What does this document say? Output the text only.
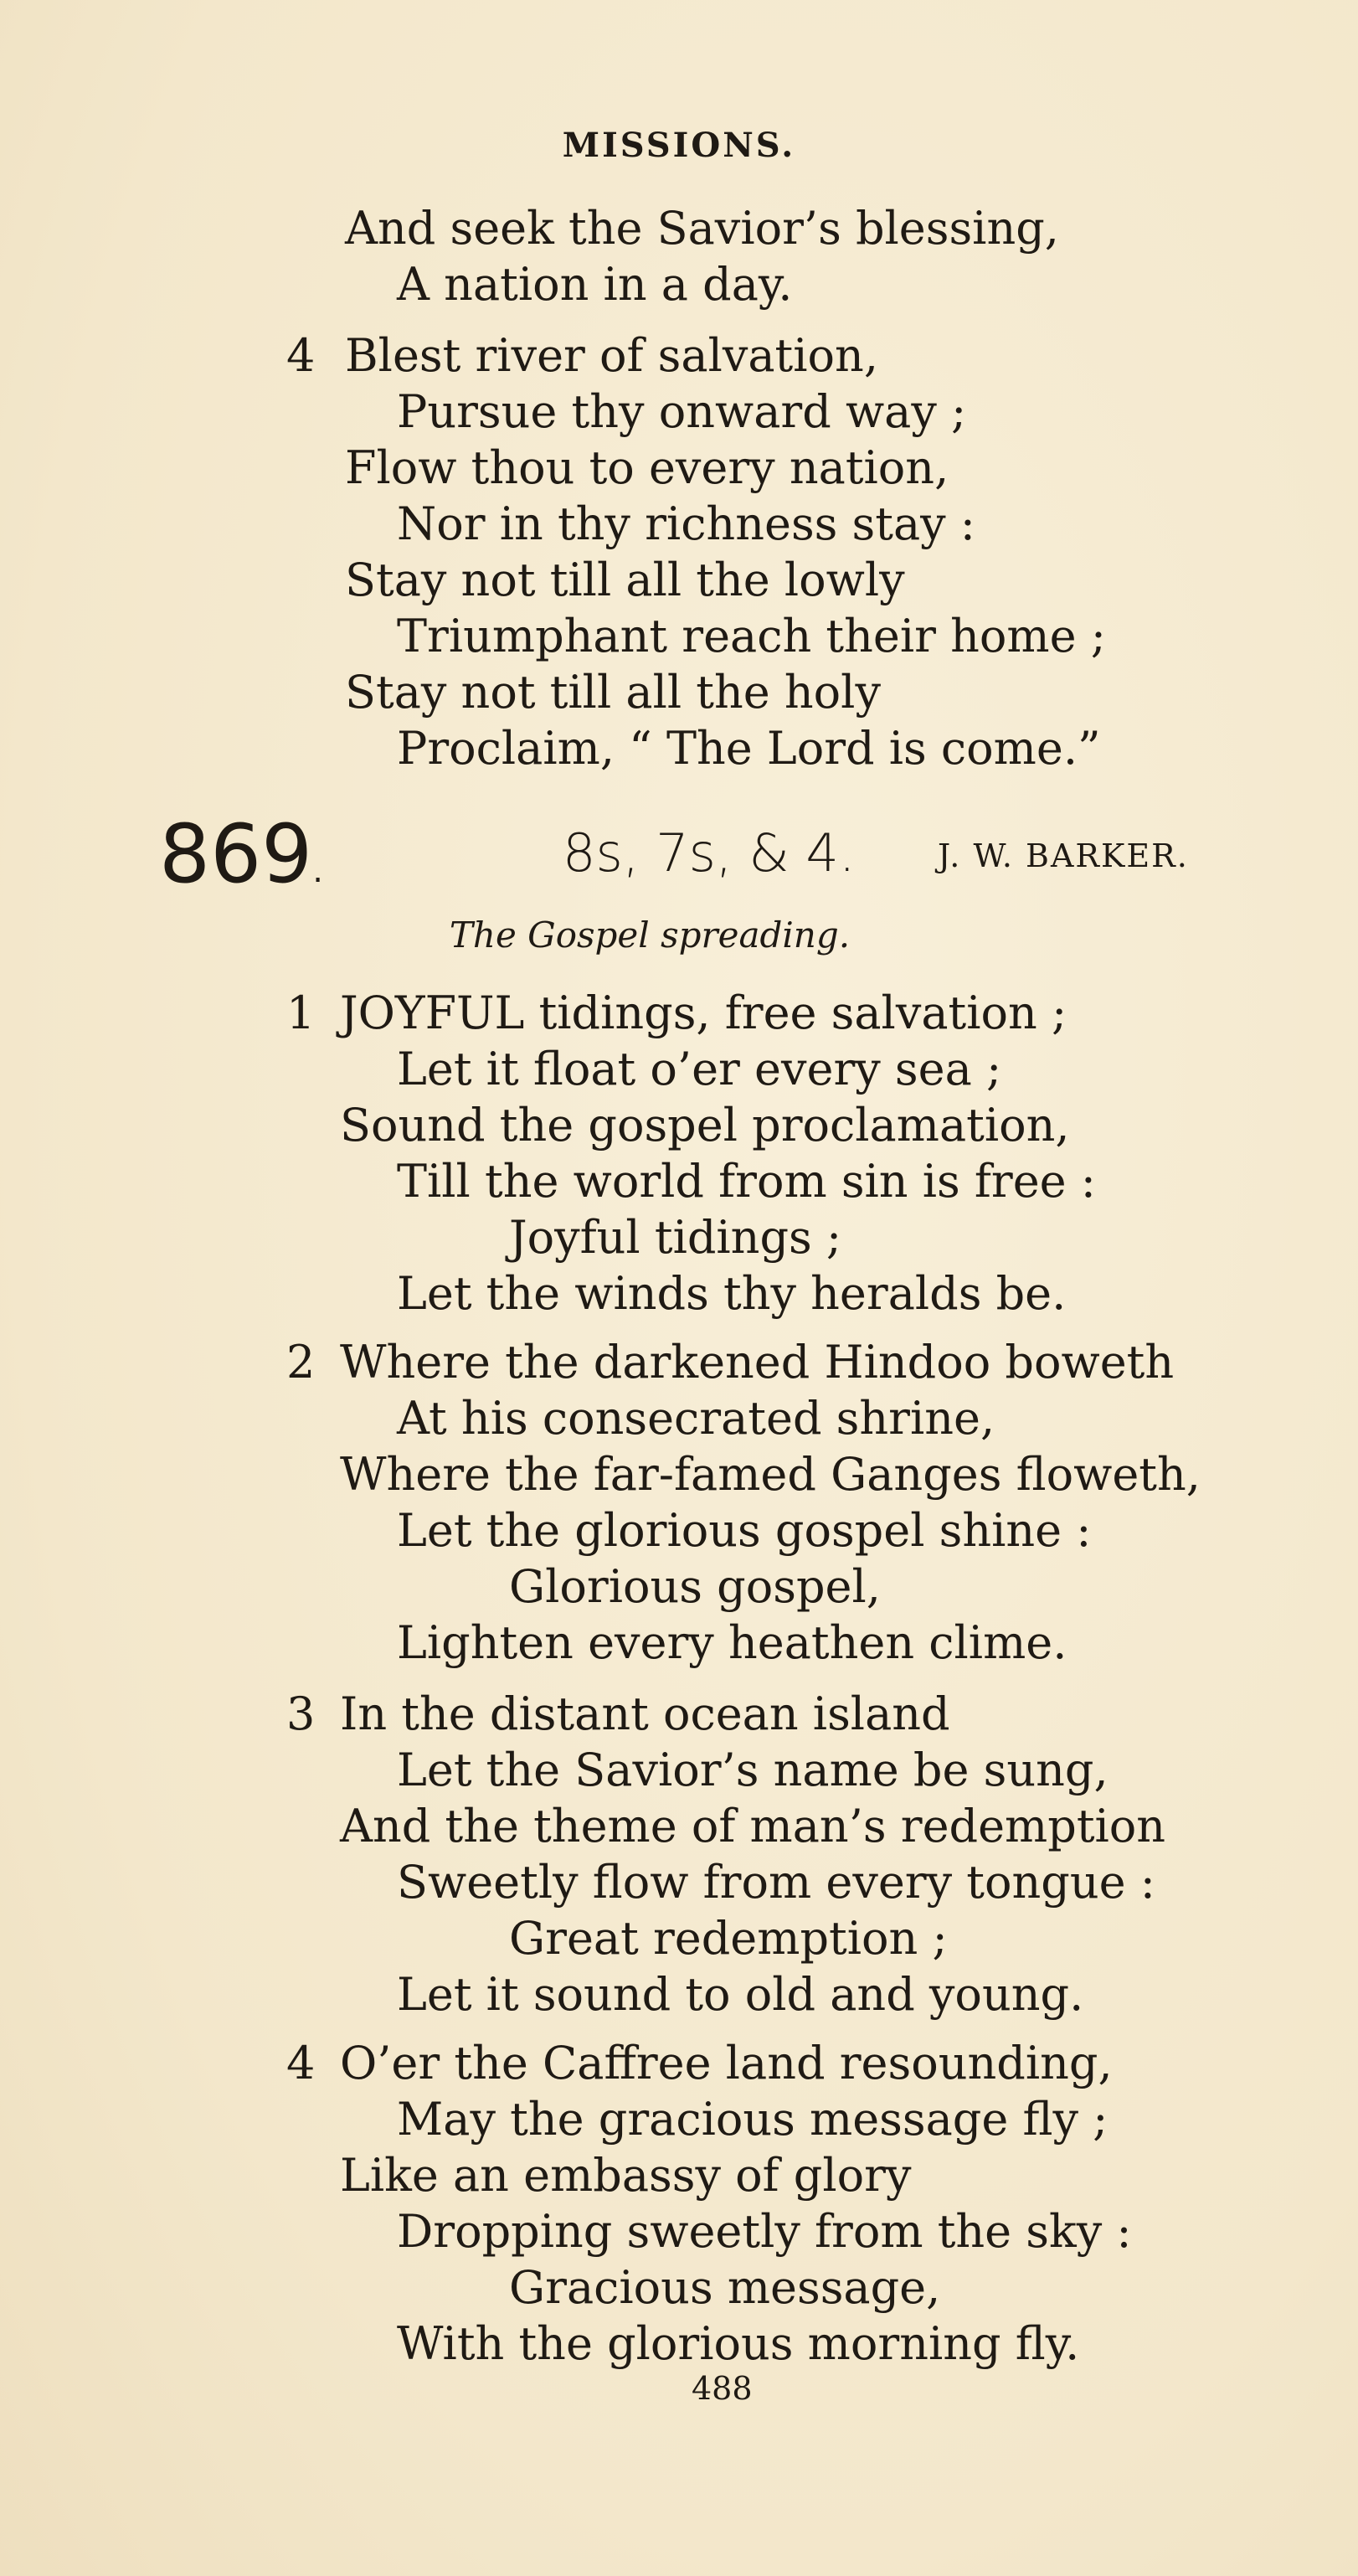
MISSIONS.
And seek the Savior’s blessing,
A nation in a day.
4 Blest river of salvation,
Pursue thy onward way ;
Flow thou to every nation,
Nor in thy richness stay :
Stay not till all the lowly
Triumphant reach their home ;
Stay not till all the holy
Proclaim, “ The Lord is come.”
869.	8s, 7s, & 4.	J. W. BARKER.
The Gospel spreading.
1 JOYFUL tidings, free salvation ;
Let it float o’er every sea ;
Sound the gospel proclamation,
Till the world from sin is free :
Joyful tidings ;
Let the winds thy heralds be.
2 Where the darkened Hindoo boweth
At his consecrated shrine,
Where the far-famed Ganges floweth,
Let the glorious gospel shine :
Glorious gospel,
Lighten every heathen clime.
3 In the distant ocean island
Let the Savior’s name be sung,
And the theme of man’s redemption
Sweetly flow from every tongue :
Great redemption ;
Let it sound to old and young.
4 O’er the Caffree land resounding,
May the gracious message fly ;
Like an embassy of glory
Dropping sweetly from the sky :
Gracious message,
With the glorious morning fly.
488
